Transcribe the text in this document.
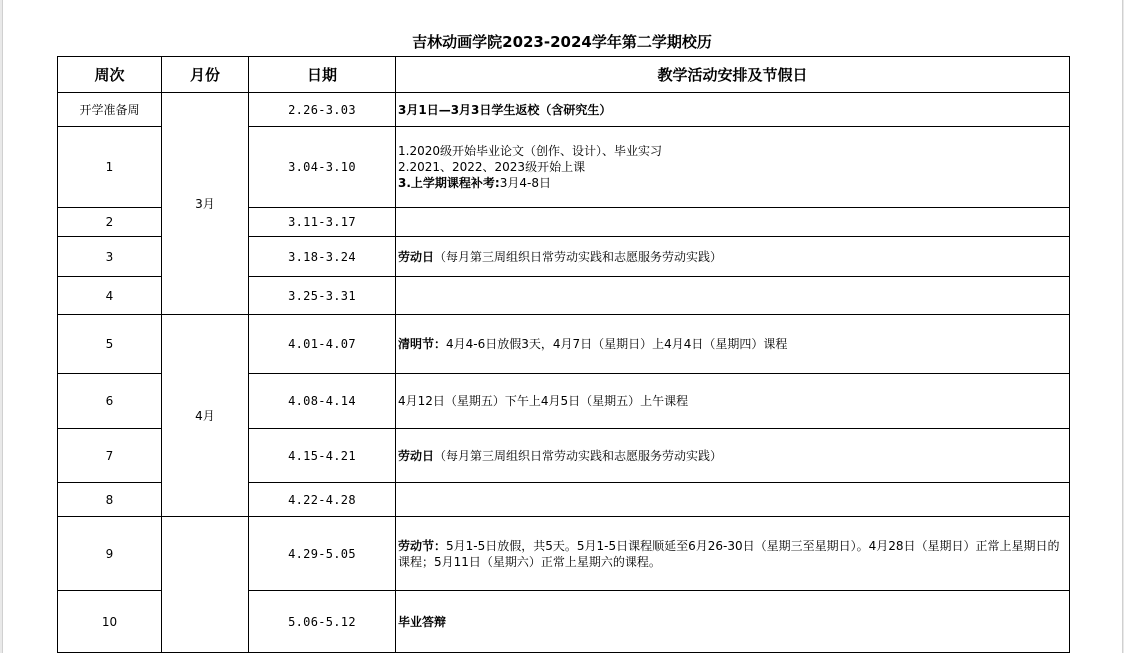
吉林动画学院2023-2024学年第二学期校历
周次	月份	日期	教学活动安排及节假日
开学准备周	3月	2.26-3.03	3月1日—3月3日学生返校（含研究生）
1		3.04-3.10	1.2020级开始毕业论文（创作、设计）、毕业实习
2.2021、2022、2023级开始上课
3.上学期课程补考:3月4-8日

2		3.11-3.17	
3		3.18-3.24	劳动日（每月第三周组织日常劳动实践和志愿服务劳动实践）
4		3.25-3.31	
5	4月	4.01-4.07	清明节：4月4-6日放假3天，4月7日（星期日）上4月4日（星期四）课程
6		4.08-4.14	4月12日（星期五）下午上4月5日（星期五）上午课程
7		4.15-4.21	劳动日（每月第三周组织日常劳动实践和志愿服务劳动实践）
8		4.22-4.28	
9		4.29-5.05	劳动节：5月1-5日放假，共5天。5月1-5日课程顺延至6月26-30日（星期三至星期日）。4月28日（星期日）正常上星期日的课程；5月11日（星期六）正常上星期六的课程。
10		5.06-5.12	毕业答辩
